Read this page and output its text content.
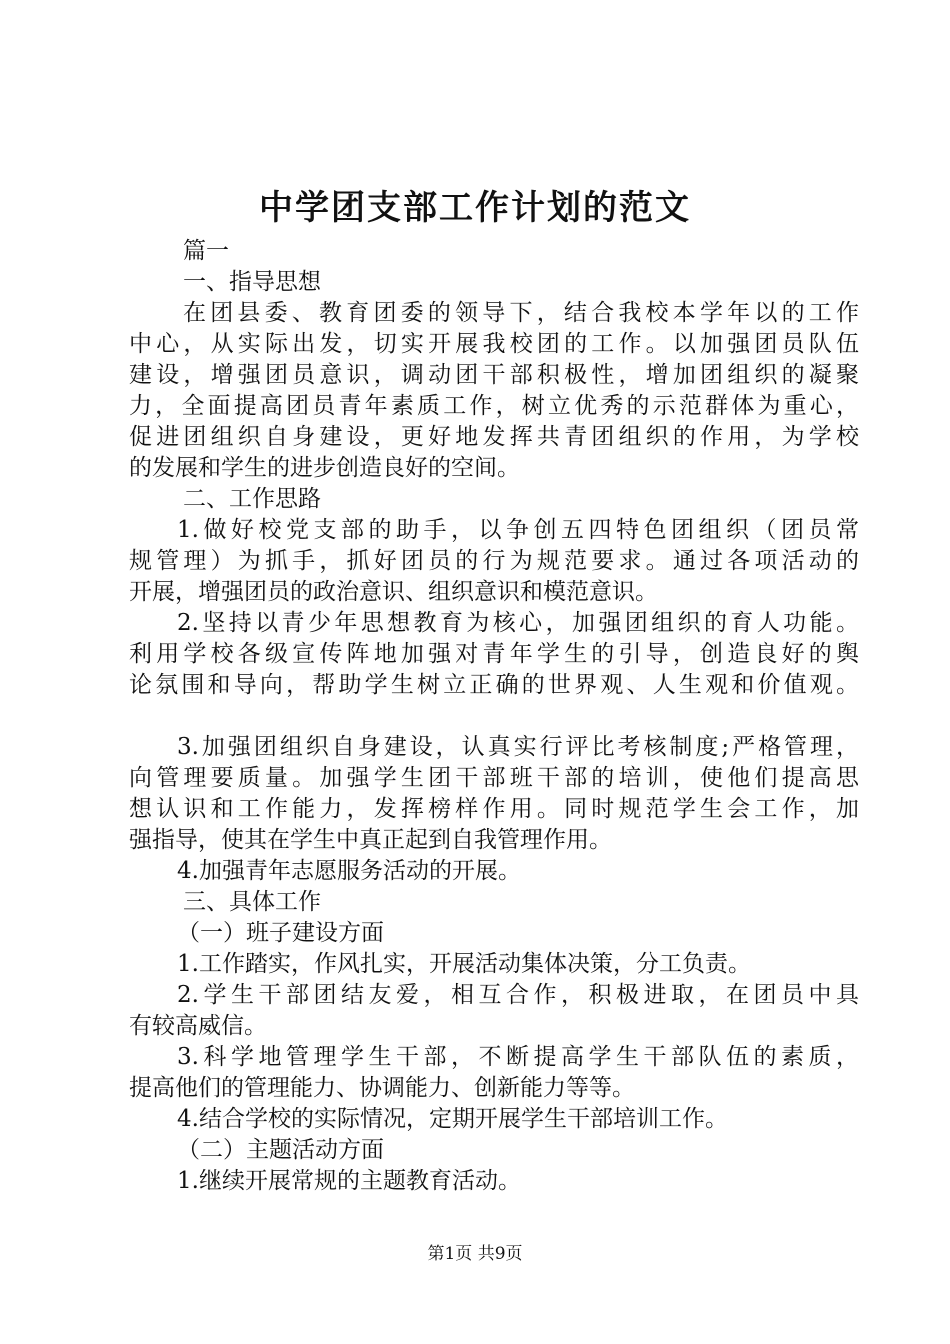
中学团支部工作计划的范文
篇一
一、指导思想
在团县委、教育团委的领导下，结合我校本学年以的工作
中心，从实际出发，切实开展我校团的工作。以加强团员队伍
建设，增强团员意识，调动团干部积极性，增加团组织的凝聚
力，全面提高团员青年素质工作，树立优秀的示范群体为重心，
促进团组织自身建设，更好地发挥共青团组织的作用，为学校
的发展和学生的进步创造良好的空间。
二、工作思路
1.做好校党支部的助手，以争创五四特色团组织（团员常
规管理）为抓手，抓好团员的行为规范要求。通过各项活动的
开展，增强团员的政治意识、组织意识和模范意识。
2.坚持以青少年思想教育为核心，加强团组织的育人功能。
利用学校各级宣传阵地加强对青年学生的引导，创造良好的舆
论氛围和导向，帮助学生树立正确的世界观、人生观和价值观。
3.加强团组织自身建设，认真实行评比考核制度;严格管理，
向管理要质量。加强学生团干部班干部的培训，使他们提高思
想认识和工作能力，发挥榜样作用。同时规范学生会工作，加
强指导，使其在学生中真正起到自我管理作用。
4.加强青年志愿服务活动的开展。
三、具体工作
（一）班子建设方面
1.工作踏实，作风扎实，开展活动集体决策，分工负责。
2.学生干部团结友爱，相互合作，积极进取，在团员中具
有较高威信。
3.科学地管理学生干部，不断提高学生干部队伍的素质，
提高他们的管理能力、协调能力、创新能力等等。
4.结合学校的实际情况，定期开展学生干部培训工作。
（二）主题活动方面
1.继续开展常规的主题教育活动。
第1页 共9页
